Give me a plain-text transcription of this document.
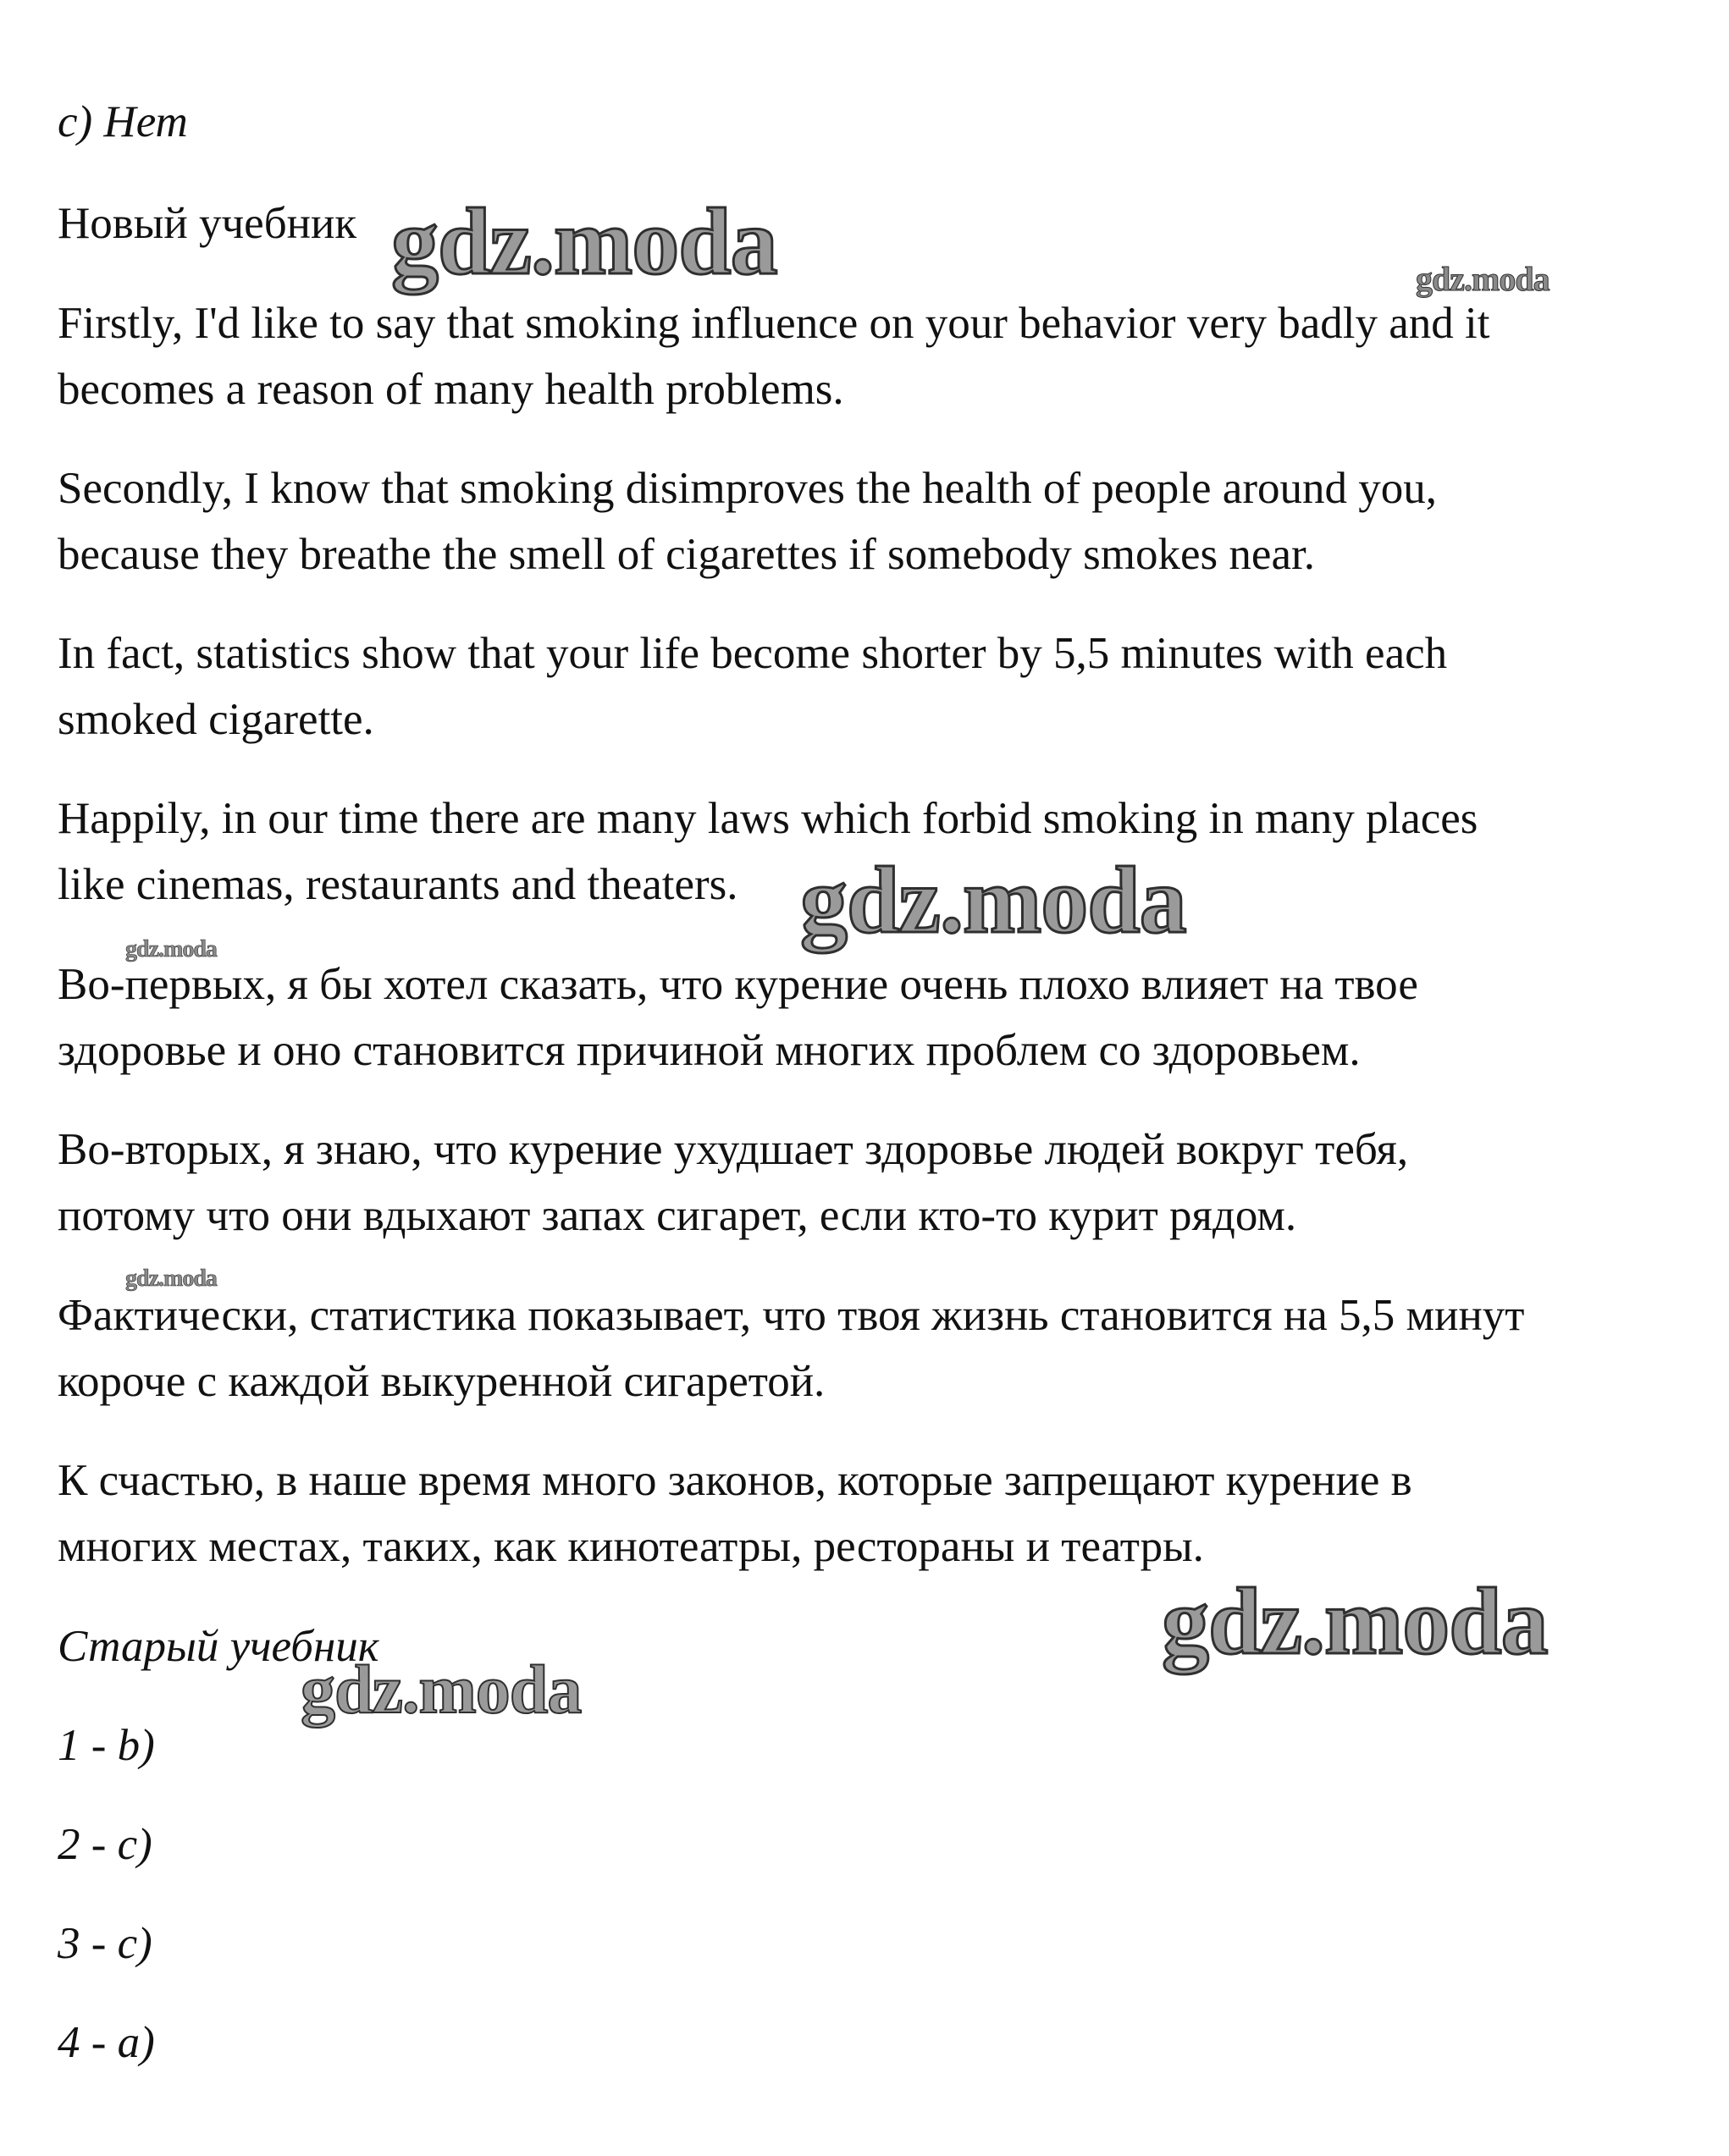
c) Нет

Новый учебник

Firstly, I'd like to say that smoking influence on your behavior very badly and it

becomes a reason of many health problems.

Secondly, I know that smoking disimproves the health of people around you,

because they breathe the smell of cigarettes if somebody smokes near.

In fact, statistics show that your life become shorter by 5,5 minutes with each

smoked cigarette.

Happily, in our time there are many laws which forbid smoking in many places

like cinemas, restaurants and theaters.

Во-первых, я бы хотел сказать, что курение очень плохо влияет на твое

здоровье и оно становится причиной многих проблем со здоровьем.

Во-вторых, я знаю, что курение ухудшает здоровье людей вокруг тебя,

потому что они вдыхают запах сигарет, если кто-то курит рядом.

Фактически, статистика показывает, что твоя жизнь становится на 5,5 минут

короче с каждой выкуренной сигаретой.

К счастью, в наше время много законов, которые запрещают курение в

многих местах, таких, как кинотеатры, рестораны и театры.

Старый учебник

1 - b)

2 - c)

3 - c)

4 - a)

gdz.moda	gdz.moda
gdz.moda
gdz.moda
gdz.moda
gdz.moda
gdz.moda
